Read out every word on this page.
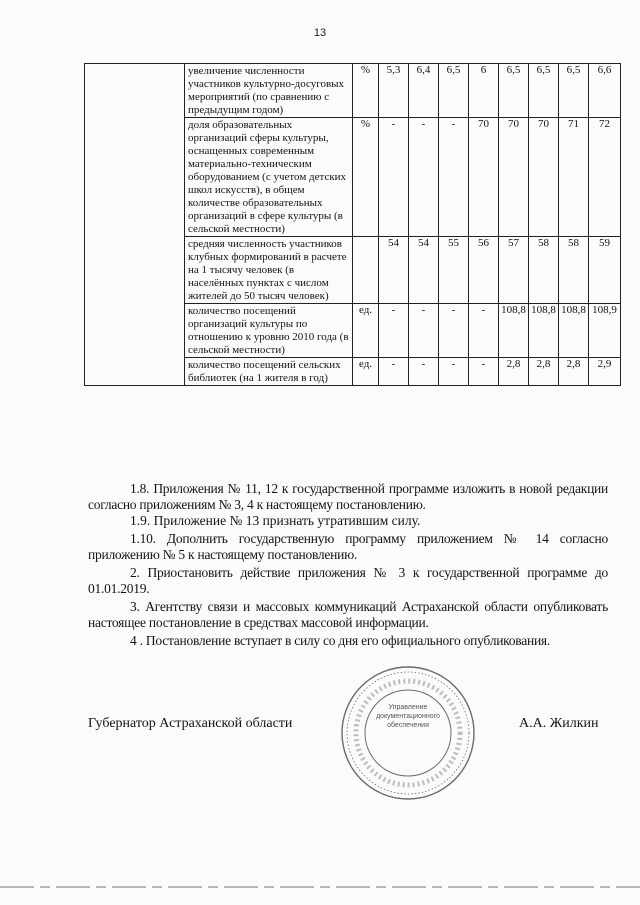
13
	увеличение численности участников культурно-досуговых мероприятий (по сравнению с предыдущим годом)	%	5,3	6,4	6,5	6	6,5	6,5	6,5	6,6
	доля образовательных организаций сферы культуры, оснащенных современным материально-техническим оборудованием (с учетом детских школ искусств), в общем количестве образовательных организаций в сфере культуры (в сельской местности)	%	-	-	-	70	70	70	71	72
	средняя численность участников клубных формирований в расчете на 1 тысячу человек (в населённых пунктах с числом жителей до 50 тысяч человек)		54	54	55	56	57	58	58	59
	количество посещений организаций культуры по отношению к уровню 2010 года (в сельской местности)	ед.	-	-	-	-	108,8	108,8	108,8	108,9
	количество посещений сельских библиотек (на 1 жителя в год)	ед.	-	-	-	-	2,8	2,8	2,8	2,9

1.8. Приложения № 11, 12 к государственной программе изложить в новой редакции согласно приложениям № 3, 4 к настоящему постановлению.

1.9. Приложение № 13 признать утратившим силу.

1.10. Дополнить государственную программу приложением № 14 согласно приложению № 5 к настоящему постановлению.

2. Приостановить действие приложения № 3 к государственной программе до 01.01.2019.

3. Агентству связи и массовых коммуникаций Астраханской области опубликовать настоящее постановление в средствах массовой информации.

4 . Постановление вступает в силу со дня его официального опубликования.

Губернатор Астраханской области	А.А. Жилкин
Управление документационного обеспечения
